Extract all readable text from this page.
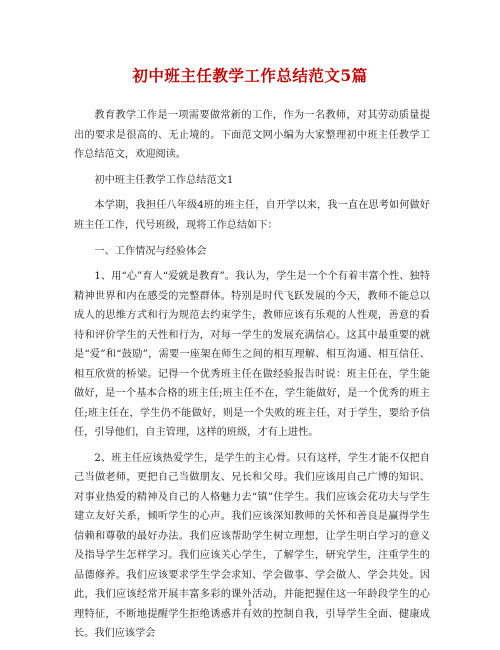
初中班主任教学工作总结范文5篇

教育教学工作是一项需要做常新的工作，作为一名教师，对其劳动质量提出的要求是很高的、无止境的。下面范文网小编为大家整理初中班主任教学工作总结范文，欢迎阅读。

初中班主任教学工作总结范文1

本学期，我担任八年级4班的班主任，自开学以来，我一直在思考如何做好班主任工作，代号班级，现将工作总结如下：

一、工作情况与经验体会

1、用“心”育人“爱就是教育”。我认为，学生是一个个有着丰富个性、独特精神世界和内在感受的完整群体。特别是时代飞跃发展的今天，教师不能总以成人的思维方式和行为规范去约束学生，教师应该有乐观的人性观，善意的看待和评价学生的天性和行为，对每一学生的发展充满信心。这其中最重要的就是“爱”和“鼓励”，需要一座架在师生之间的相互理解、相互沟通、相互信任、相互欣赏的桥梁。记得一个优秀班主任在做经验报告时说：班主任在，学生能做好，是一个基本合格的班主任;班主任不在，学生能做好，是一个优秀的班主任;班主任在，学生仍不能做好，则是一个失败的班主任，对于学生，要给予信任，引导他们，自主管理，这样的班级，才有上进性。

2、班主任应该热爱学生，是学生的主心骨。只有这样，学生才能不仅把自己当做老师，更把自己当做朋友、兄长和父母。我们应该用自己广博的知识、对事业热爱的精神及自己的人格魅力去“镇”住学生。我们应该会花功夫与学生建立友好关系，倾听学生的心声。我们应该深知教师的关怀和善良是赢得学生信赖和尊敬的最好办法。我们应该帮助学生树立理想，让学生明白学习的意义及指导学生怎样学习。我们应该关心学生，了解学生，研究学生，注重学生的品德修养。我们应该要求学生学会求知、学会做事、学会做人、学会共处。因此，我们应该经常开展丰富多彩的课外活动，并能把握住这一年龄段学生的心理特征，不断地提醒学生拒绝诱惑并有效的控制自我，引导学生全面、健康成长。我们应该学会

1
